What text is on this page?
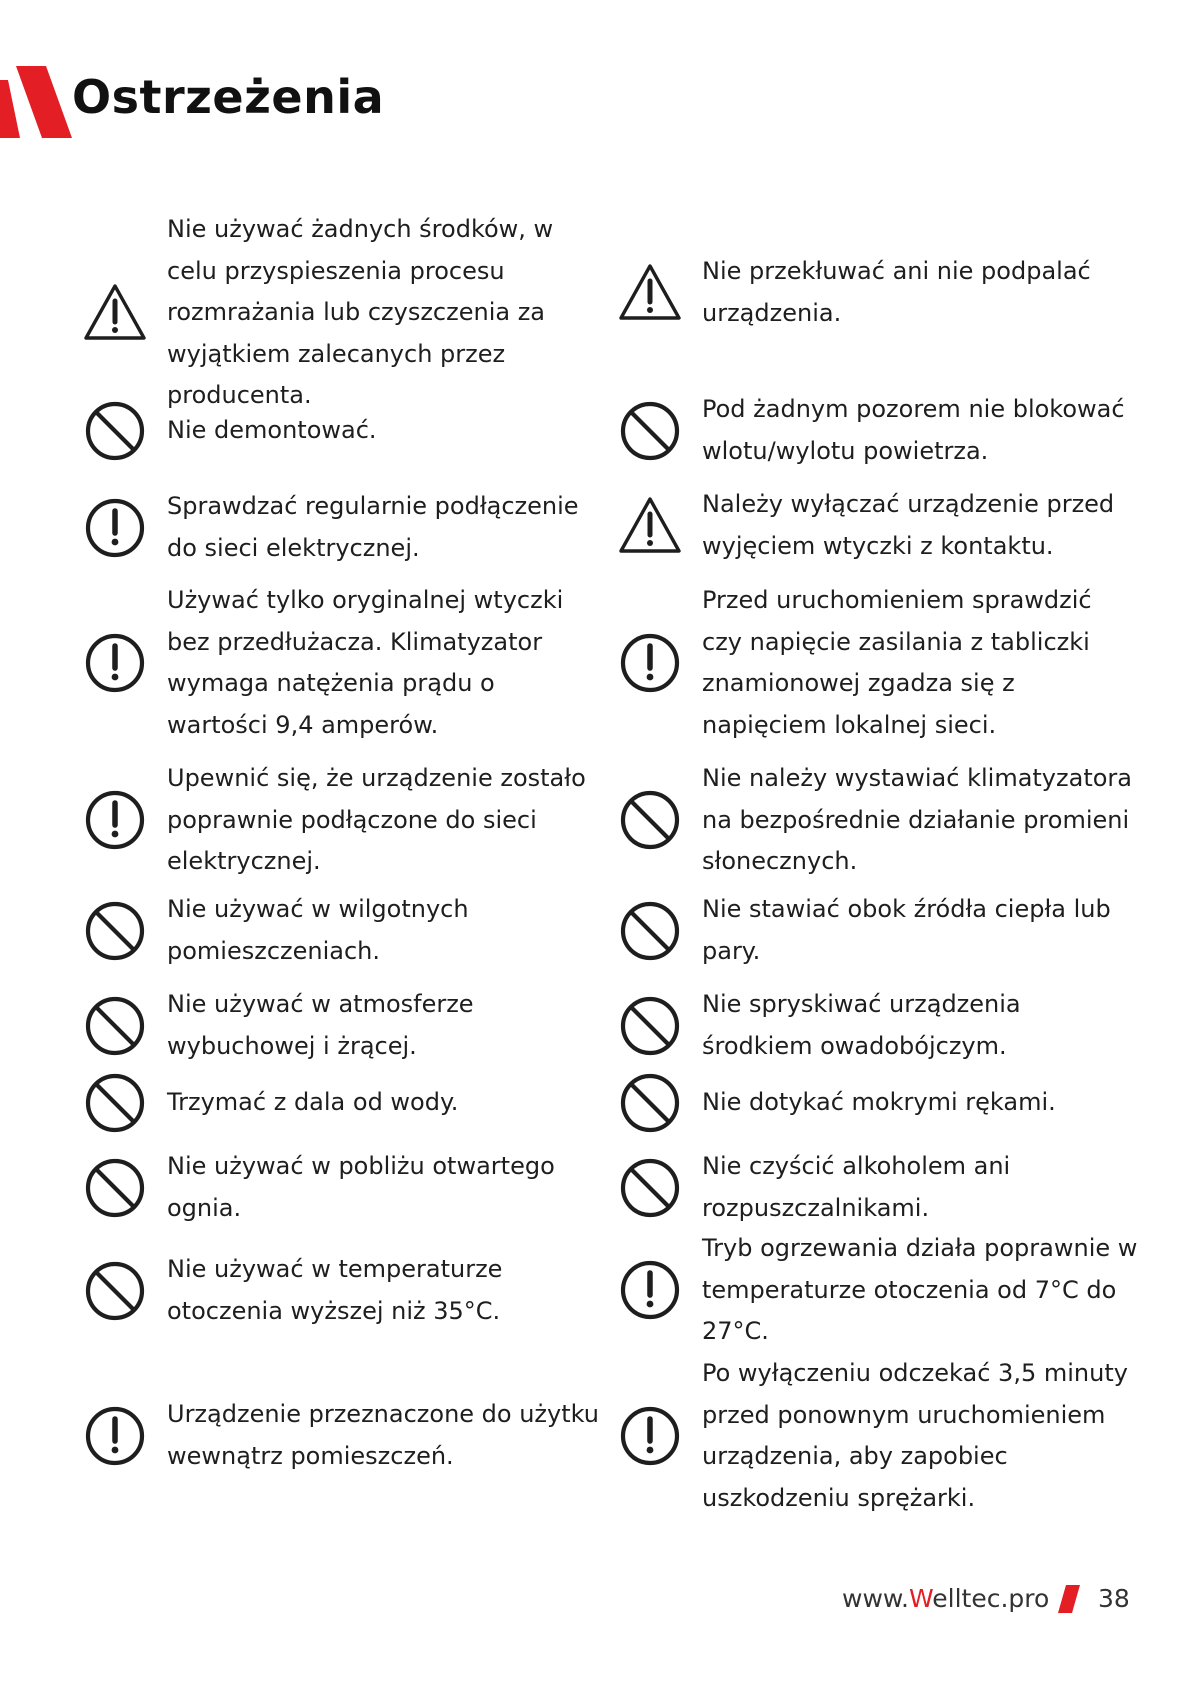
Ostrzeżenia
Nie używać żadnych środków, w celu przyspieszenia procesu rozmrażania lub czyszczenia za wyjątkiem zalecanych przez producenta.
Nie demontować.
Sprawdzać regularnie podłączenie do sieci elektrycznej.
Używać tylko oryginalnej wtyczki bez przedłużacza. Klimatyzator wymaga natężenia prądu o wartości 9,4 amperów.
Upewnić się, że urządzenie zostało poprawnie podłączone do sieci elektrycznej.
Nie używać w wilgotnych pomieszczeniach.
Nie używać w atmosferze wybuchowej i żrącej.
Trzymać z dala od wody.
Nie używać w pobliżu otwartego ognia.
Nie używać w temperaturze otoczenia wyższej niż 35°C.
Urządzenie przeznaczone do użytku wewnątrz pomieszczeń.
Nie przekłuwać ani nie podpalać urządzenia.
Pod żadnym pozorem nie blokować wlotu/wylotu powietrza.
Należy wyłączać urządzenie przed wyjęciem wtyczki z kontaktu.
Przed uruchomieniem sprawdzić czy napięcie zasilania z tabliczki znamionowej zgadza się z napięciem lokalnej sieci.
Nie należy wystawiać klimatyzatora na bezpośrednie działanie promieni słonecznych.
Nie stawiać obok źródła ciepła lub pary.
Nie spryskiwać urządzenia środkiem owadobójczym.
Nie dotykać mokrymi rękami.
Nie czyścić alkoholem ani rozpuszczalnikami.
Tryb ogrzewania działa poprawnie w temperaturze otoczenia od 7°C do 27°C.
Po wyłączeniu odczekać 3,5 minuty przed ponownym uruchomieniem urządzenia, aby zapobiec uszkodzeniu sprężarki.
www.Welltec.pro 38
